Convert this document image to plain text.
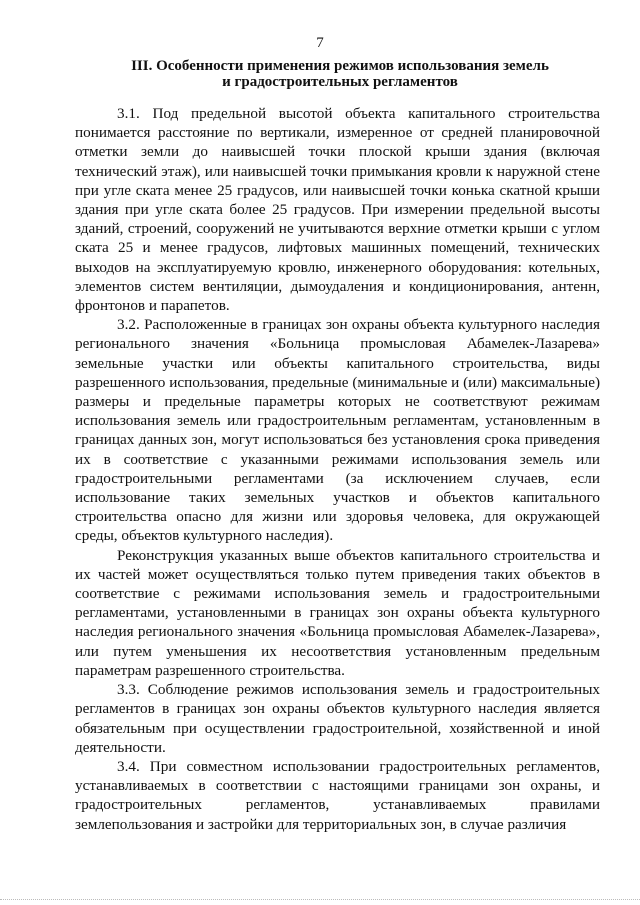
7
III. Особенности применения режимов использования земель
и градостроительных регламентов

3.1. Под предельной высотой объекта капитального строительства понимается расстояние по вертикали, измеренное от средней планировочной отметки земли до наивысшей точки плоской крыши здания (включая технический этаж), или наивысшей точки примыкания кровли к наружной стене при угле ската менее 25 градусов, или наивысшей точки конька скатной крыши здания при угле ската более 25 градусов. При измерении предельной высоты зданий, строений, сооружений не учитываются верхние отметки крыши с углом ската 25 и менее градусов, лифтовых машинных помещений, технических выходов на эксплуатируемую кровлю, инженерного оборудования: котельных, элементов систем вентиляции, дымоудаления и кондиционирования, антенн, фронтонов и парапетов.

3.2. Расположенные в границах зон охраны объекта культурного наследия регионального значения «Больница промысловая Абамелек-Лазарева» земельные участки или объекты капитального строительства, виды разрешенного использования, предельные (минимальные и (или) максимальные) размеры и предельные параметры которых не соответствуют режимам использования земель или градостроительным регламентам, установленным в границах данных зон, могут использоваться без установления срока приведения их в соответствие с указанными режимами использования земель или градостроительными регламентами (за исключением случаев, если использование таких земельных участков и объектов капитального строительства опасно для жизни или здоровья человека, для окружающей среды, объектов культурного наследия).

Реконструкция указанных выше объектов капитального строительства и их частей может осуществляться только путем приведения таких объектов в соответствие с режимами использования земель и градостроительными регламентами, установленными в границах зон охраны объекта культурного наследия регионального значения «Больница промысловая Абамелек-Лазарева», или путем уменьшения их несоответствия установленным предельным параметрам разрешенного строительства.

3.3. Соблюдение режимов использования земель и градостроительных регламентов в границах зон охраны объектов культурного наследия является обязательным при осуществлении градостроительной, хозяйственной и иной деятельности.

3.4. При совместном использовании градостроительных регламентов, устанавливаемых в соответствии с настоящими границами зон охраны, и градостроительных регламентов, устанавливаемых правилами землепользования и застройки для территориальных зон, в случае различия
